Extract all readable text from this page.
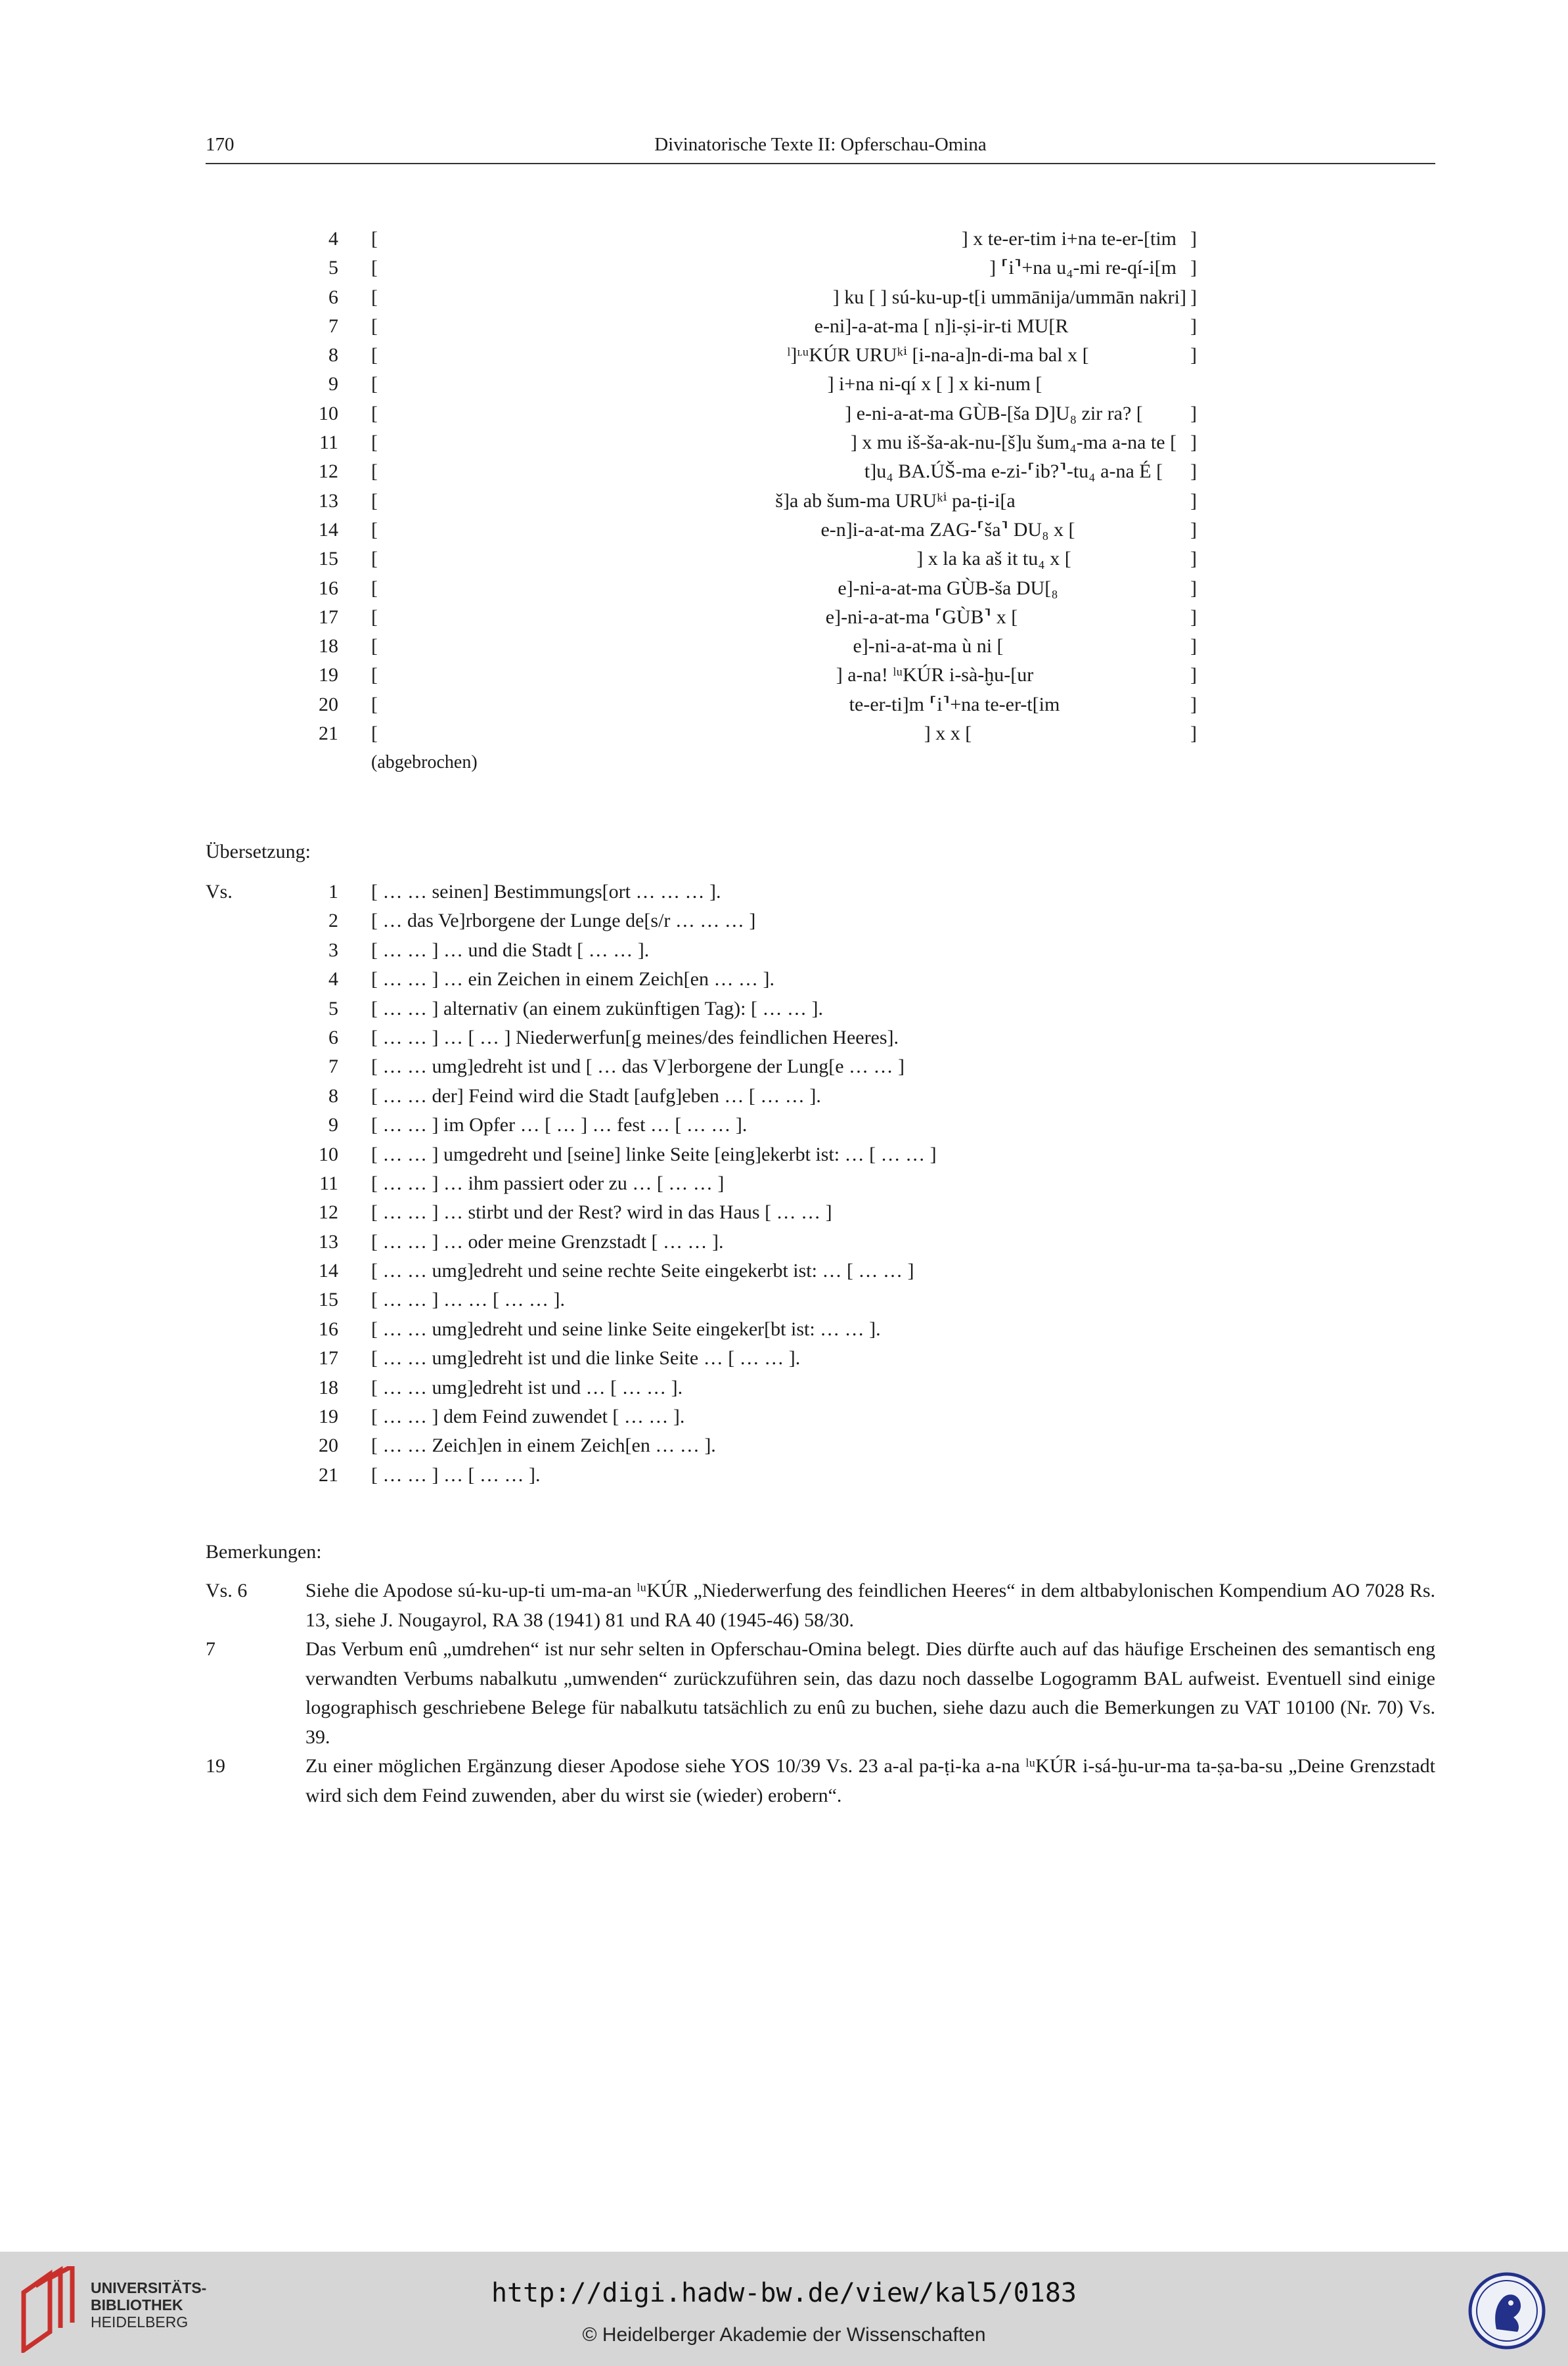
170	Divinatorische Texte II: Opferschau-Omina
4 [	] x te-er-tim i+na te-er-[tim ]
5 [	] ⸢i⸣+na u₄-mi re-qí-i[m ]
6 [	] ku [ ] sú-ku-up-t[i ummānija/ummān nakri] ]
7 [	e-ni]-a-at-ma [ n]i-ṣi-ir-ti MU[R	]
8 [	ˡ]ᶫᵘKÚR URUᵏⁱ [i-na-a]n-di-ma bal x [	]
9 [	] i+na ni-qí x [ ] x ki-num [
10 [	] e-ni-a-at-ma GÙB-[ša D]U₈ zir ra? [ ]
11 [	] x mu iš-ša-ak-nu-[š]u šum₄-ma a-na te [ ]
12 [	t]u₄ BA.ÚŠ-ma e-zi-⸢ib?⸣-tu₄ a-na É [ ]
13 [	š]a ab šum-ma URUᵏⁱ pa-ṭi-i[a	]
14 [	e-n]i-a-at-ma ZAG-⸢ša⸣ DU₈ x [	]
15 [	] x la ka aš it tu₄ x [	]
16 [	e]-ni-a-at-ma GÙB-ša DU[₈	]
17 [	e]-ni-a-at-ma ⸢GÙB⸣ x [	]
18 [	e]-ni-a-at-ma ù ni [	]
19 [	] a-na! ˡᵘKÚR i-sà-ḫu-[ur	]
20 [	te-er-ti]m ⸢i⸣+na te-er-t[im	]
21 [	] x x [	]
(abgebrochen)
Übersetzung:
Vs.	1 [ … … seinen] Bestimmungs[ort … … … ].
2 [ … das Ve]rborgene der Lunge de[s/r … … … ]
3 [ … … ] … und die Stadt [ … … ].
4 [ … … ] … ein Zeichen in einem Zeich[en … … ].
5 [ … … ] alternativ (an einem zukünftigen Tag): [ … … ].
6 [ … … ] … [ … ] Niederwerfun[g meines/des feindlichen Heeres].
7 [ … … umg]edreht ist und [ … das V]erborgene der Lung[e … … ]
8 [ … … der] Feind wird die Stadt [aufg]eben … [ … … ].
9 [ … … ] im Opfer … [ … ] … fest … [ … … ].
10 [ … … ] umgedreht und [seine] linke Seite [eing]ekerbt ist: … [ … … ]
11 [ … … ] … ihm passiert oder zu … [ … … ]
12 [ … … ] … stirbt und der Rest? wird in das Haus [ … … ]
13 [ … … ] … oder meine Grenzstadt [ … … ].
14 [ … … umg]edreht und seine rechte Seite eingekerbt ist: … [ … … ]
15 [ … … ] … … [ … … ].
16 [ … … umg]edreht und seine linke Seite eingeker[bt ist: … … ].
17 [ … … umg]edreht ist und die linke Seite … [ … … ].
18 [ … … umg]edreht ist und … [ … … ].
19 [ … … ] dem Feind zuwendet [ … … ].
20 [ … … Zeich]en in einem Zeich[en … … ].
21 [ … … ] … [ … … ].
Bemerkungen:
Vs. 6	Siehe die Apodose sú-ku-up-ti um-ma-an ˡᵘKÚR „Niederwerfung des feindlichen Heeres“ in dem altbabylonischen Kompendium AO 7028 Rs. 13, siehe J. Nougayrol, RA 38 (1941) 81 und RA 40 (1945-46) 58/30.
7	Das Verbum enû „umdrehen“ ist nur sehr selten in Opferschau-Omina belegt. Dies dürfte auch auf das häufige Erscheinen des semantisch eng verwandten Verbums nabalkutu „umwenden“ zurückzuführen sein, das dazu noch dasselbe Logogramm BAL aufweist. Eventuell sind einige logographisch geschriebene Belege für nabalkutu tatsächlich zu enû zu buchen, siehe dazu auch die Bemerkungen zu VAT 10100 (Nr. 70) Vs. 39.
19	Zu einer möglichen Ergänzung dieser Apodose siehe YOS 10/39 Vs. 23 a-al pa-ṭi-ka a-na ˡᵘKÚR i-sá-ḫu-ur-ma ta-ṣa-ba-su „Deine Grenzstadt wird sich dem Feind zuwenden, aber du wirst sie (wieder) erobern“.
UNIVERSITÄTS-
BIBLIOTHEK
HEIDELBERG
http://digi.hadw-bw.de/view/kal5/0183
© Heidelberger Akademie der Wissenschaften
